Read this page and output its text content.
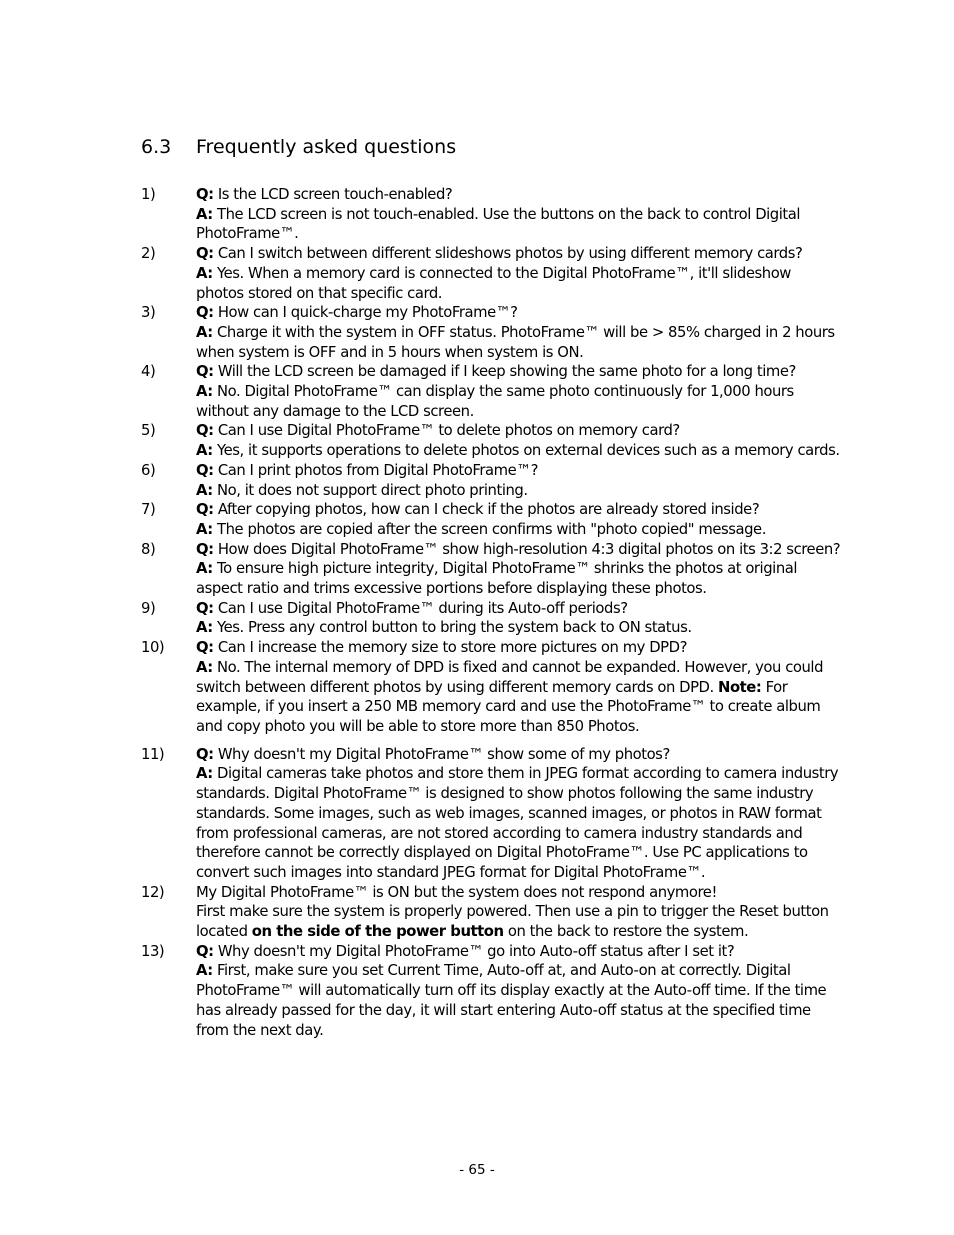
6.3 Frequently asked questions
1)	Q: Is the LCD screen touch-enabled?

A: The LCD screen is not touch-enabled. Use the buttons on the back to control Digital PhotoFrame™.

2)	Q: Can I switch between different slideshows photos by using different memory cards?

A: Yes. When a memory card is connected to the Digital PhotoFrame™, it'll slideshow photos stored on that specific card.

3)	Q: How can I quick-charge my PhotoFrame™?

A: Charge it with the system in OFF status. PhotoFrame™ will be > 85% charged in 2 hours when system is OFF and in 5 hours when system is ON.

4)	Q: Will the LCD screen be damaged if I keep showing the same photo for a long time?

A: No. Digital PhotoFrame™ can display the same photo continuously for 1,000 hours without any damage to the LCD screen.

5)	Q: Can I use Digital PhotoFrame™ to delete photos on memory card?

A: Yes, it supports operations to delete photos on external devices such as a memory cards.

6)	Q: Can I print photos from Digital PhotoFrame™?

A: No, it does not support direct photo printing.

7)	Q: After copying photos, how can I check if the photos are already stored inside?

A: The photos are copied after the screen confirms with "photo copied" message.

8)	Q: How does Digital PhotoFrame™ show high-resolution 4:3 digital photos on its 3:2 screen?

A: To ensure high picture integrity, Digital PhotoFrame™ shrinks the photos at original aspect ratio and trims excessive portions before displaying these photos.

9)	Q: Can I use Digital PhotoFrame™ during its Auto-off periods?

A: Yes. Press any control button to bring the system back to ON status.

10)	Q: Can I increase the memory size to store more pictures on my DPD?

A: No. The internal memory of DPD is fixed and cannot be expanded. However, you could switch between different photos by using different memory cards on DPD. Note: For example, if you insert a 250 MB memory card and use the PhotoFrame™ to create album and copy photo you will be able to store more than 850 Photos.

11)	Q: Why doesn't my Digital PhotoFrame™ show some of my photos?

A: Digital cameras take photos and store them in JPEG format according to camera industry standards. Digital PhotoFrame™ is designed to show photos following the same industry standards. Some images, such as web images, scanned images, or photos in RAW format from professional cameras, are not stored according to camera industry standards and therefore cannot be correctly displayed on Digital PhotoFrame™. Use PC applications to convert such images into standard JPEG format for Digital PhotoFrame™.

12)	My Digital PhotoFrame™ is ON but the system does not respond anymore!

First make sure the system is properly powered. Then use a pin to trigger the Reset button located on the side of the power button on the back to restore the system.

13)	Q: Why doesn't my Digital PhotoFrame™ go into Auto-off status after I set it?

A: First, make sure you set Current Time, Auto-off at, and Auto-on at correctly. Digital PhotoFrame™ will automatically turn off its display exactly at the Auto-off time. If the time has already passed for the day, it will start entering Auto-off status at the specified time from the next day.

- 65 -
